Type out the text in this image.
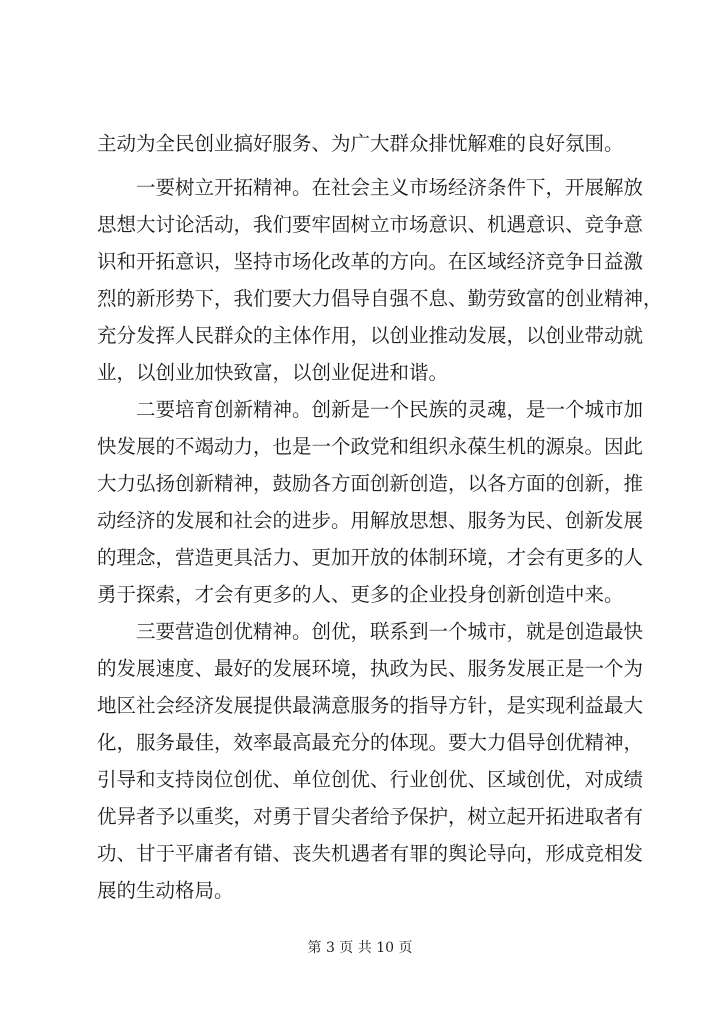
主动为全民创业搞好服务、为广大群众排忧解难的良好氛围。
一要树立开拓精神。在社会主义市场经济条件下，开展解放
思想大讨论活动，我们要牢固树立市场意识、机遇意识、竞争意
识和开拓意识，坚持市场化改革的方向。在区域经济竞争日益激
烈的新形势下，我们要大力倡导自强不息、勤劳致富的创业精神，
充分发挥人民群众的主体作用，以创业推动发展，以创业带动就
业，以创业加快致富，以创业促进和谐。
二要培育创新精神。创新是一个民族的灵魂，是一个城市加
快发展的不竭动力，也是一个政党和组织永葆生机的源泉。因此
大力弘扬创新精神，鼓励各方面创新创造，以各方面的创新，推
动经济的发展和社会的进步。用解放思想、服务为民、创新发展
的理念，营造更具活力、更加开放的体制环境，才会有更多的人
勇于探索，才会有更多的人、更多的企业投身创新创造中来。
三要营造创优精神。创优，联系到一个城市，就是创造最快
的发展速度、最好的发展环境，执政为民、服务发展正是一个为
地区社会经济发展提供最满意服务的指导方针，是实现利益最大
化，服务最佳，效率最高最充分的体现。要大力倡导创优精神，
引导和支持岗位创优、单位创优、行业创优、区域创优，对成绩
优异者予以重奖，对勇于冒尖者给予保护，树立起开拓进取者有
功、甘于平庸者有错、丧失机遇者有罪的舆论导向，形成竞相发
展的生动格局。
第 3 页 共 10 页
